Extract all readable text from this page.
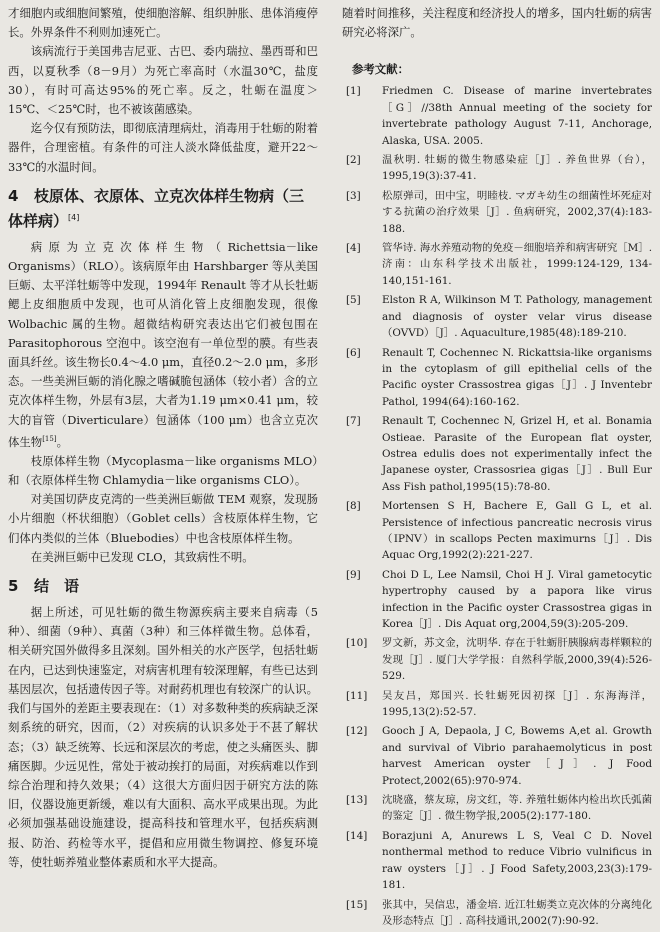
才细胞内或细胞间繁殖，使细胞溶解、组织肿胀、患体消瘦停长。外界条件不利则加速死亡。

该病流行于美国弗吉尼亚、古巴、委内瑞拉、墨西哥和巴西，以夏秋季（8－9月）为死亡率高时（水温30℃，盐度30），有时可高达95%的死亡率。反之，牡蛎在温度＞15℃、＜25℃时，也不被该菌感染。

迄今仅有预防法，即彻底清理病灶，消毒用于牡蛎的附着器件，合理密植。有条件的可注人淡水降低盐度，避开22～33℃的水温时间。

4 枝原体、衣原体、立克次体样生物病（三体样病）[4]

病原为立克次体样生物（Richettsia－like Organisms）（RLO）。该病原年由 Harshbarger 等从美国巨蛎、太平洋牡蛎等中发现，1994年 Renault 等才从长牡蛎鳃上皮细胞质中发现，也可从消化管上皮细胞发现，很像 Wolbachic 属的生物。超微结构研究表达出它们被包围在 Parasitophorous 空泡中。该空泡有一单位型的膜。有些表面具纤丝。该生物长0.4～4.0 μm，直径0.2～2.0 μm，多形态。一些美洲巨蛎的消化腺之嗜碱脆包涵体（较小者）含的立克次体样生物，外层有3层，大者为1.19 μm×0.41 μm，较大的盲管（Diverticulare）包涵体（100 μm）也含立克次体生物[15]。

枝原体样生物（Mycoplasma－like organisms MLO）和（衣原体样生物 Chlamydia－like organisms CLO）。

对美国切萨皮克湾的一些美洲巨蛎做 TEM 观察，发现肠小片细胞（杯状细胞）（Goblet cells）含枝原体样生物，它们体内类似的兰体（Bluebodies）中也含枝原体样生物。

在美洲巨蛎中已发现 CLO，其致病性不明。

5 结　语

据上所述，可见牡蛎的微生物源疾病主要来自病毒（5种）、细菌（9种）、真菌（3种）和三体样微生物。总体看，相关研究国外做得多且深刻。国外相关的水产医学，包括牡蛎在内，已达到快速鉴定，对病害机理有较深理解，有些已达到基因层次，包括遗传因子等。对耐药机理也有较深广的认识。我们与国外的差距主要表现在：（1）对多数种类的疾病缺乏深刻系统的研究，因而，（2）对疾病的认识多处于不甚了解状态；（3）缺乏统筹、长远和深层次的考虑，使之头痛医头、脚痛医脚。少远见性，常处于被动挨打的局面，对疾病难以作到综合治理和持久效果；（4）这很大方面归因于研究方法的陈旧，仪器设施更新缓，难以有大面积、高水平成果出现。为此必须加强基础设施建设，提高科技和管理水平，包括疾病测报、防治、药检等水平，提倡和应用微生物调控、修复环境等，使牡蛎养殖业整体素质和水平大提高。

随着时间推移，关注程度和经济投人的增多，国内牡蛎的病害研究必将深广。

参考文献：
[1]	Friedmen C. Disease of marine invertebrates［G］//38th Annual meeting of the society for invertebrate pathology August 7-11, Anchorage, Alaska, USA. 2005.
[2]	温秋明. 牡蛎的微生物感染症［J］. 养鱼世界（台），1995,19(3):37-41.
[3]	松原弹司，田中宝，明睦枝. マガキ幼生の细菌性坏死症对する抗菌の治疗效果［J］. 鱼病研究，2002,37(4):183-188.
[4]	管华诗. 海水养殖动物的免疫－细胞培养和病害研究［M］. 济南：山东科学技术出版社，1999:124-129, 134-140,151-161.
[5]	Elston R A, Wilkinson M T. Pathology, management and diagnosis of oyster velar virus disease（OVVD）［J］. Aquaculture,1985(48):189-210.
[6]	Renault T, Cochennec N. Rickattsia-like organisms in the cytoplasm of gill epithelial cells of the Pacific oyster Crassostrea gigas［J］. J Inventebr Pathol, 1994(64):160-162.
[7]	Renault T, Cochennec N, Grizel H, et al. Bonamia Ostieae. Parasite of the European flat oyster, Ostrea edulis does not experimentally infect the Japanese oyster, Crassosriea gigas［J］. Bull Eur Ass Fish pathol,1995(15):78-80.
[8]	Mortensen S H, Bachere E, Gall G L, et al. Persistence of infectious pancreatic necrosis virus（IPNV）in scallops Pecten maximurns［J］. Dis Aquac Org,1992(2):221-227.
[9]	Choi D L, Lee Namsil, Choi H J. Viral gametocytic hypertrophy caused by a papora like virus infection in the Pacific oyster Crassostrea gigas in Korea［J］. Dis Aquat org,2004,59(3):205-209.
[10]	罗文新，苏文金，沈明华. 存在于牡蛎肝胰腺病毒样颗粒的发现［J］. 厦门大学学报：自然科学版,2000,39(4):526-529.
[11]	吴友吕，郑国兴. 长牡蛎死因初探［J］. 东海海洋，1995,13(2):52-57.
[12]	Gooch J A, Depaola, J C, Bowems A,et al. Growth and survival of Vibrio parahaemolyticus in post harvest American oyster［J］. J Food Protect,2002(65):970-974.
[13]	沈晓盛，蔡友琼，房文红，等. 养殖牡蛎体内检出坎氏弧菌的鉴定［J］. 微生物学报,2005(2):177-180.
[14]	Borazjuni A, Anurews L S, Veal C D. Novel nonthermal method to reduce Vibrio vulnificus in raw oysters［J］. J Food Safety,2003,23(3):179-181.
[15]	张其中，吴信忠，潘金培. 近江牡蛎类立克次体的分离纯化及形态特点［J］. 高科技通讯,2002(7):90-92.
